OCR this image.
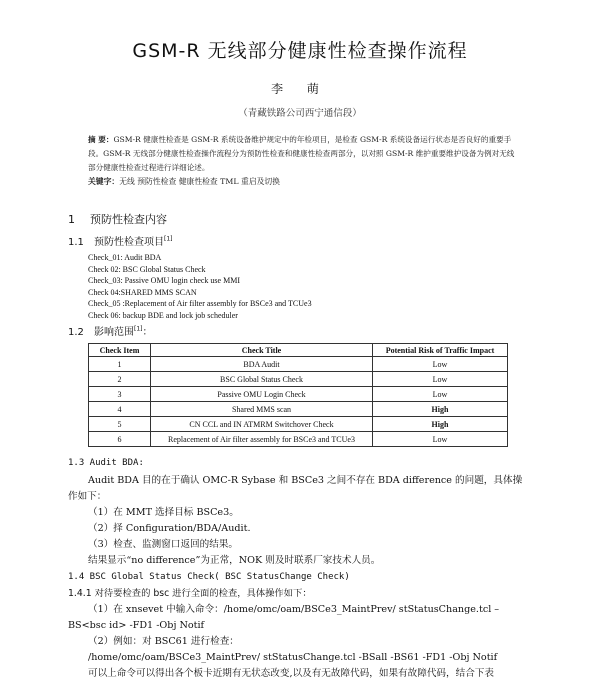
GSM-R 无线部分健康性检查操作流程
李 萌
（青藏铁路公司西宁通信段）
摘 要：GSM-R 健康性检查是 GSM-R 系统设备维护规定中的年检项目，是检查 GSM-R 系统设备运行状态是否良好的重要手段。GSM-R 无线部分健康性检查操作流程分为预防性检查和健康性检查两部分，以对照 GSM-R 维护重要维护设备为例对无线部分健康性检查过程进行详细论述。
关键字：无线 预防性检查 健康性检查 TML 重启及切换
1 预防性检查内容
1.1 预防性检查项目[1]
Check_01: Audit BDA
Check 02: BSC Global Status Check
Check_03: Passive OMU login check use MMI
Check 04:SHARED MMS SCAN
Check_05 :Replacement of Air filter assembly for BSCe3 and TCUe3
Check 06: backup BDE and lock job scheduler
1.2 影响范围[1]：
Check Item	Check Title	Potential Risk of Traffic Impact
1	BDA Audit	Low
2	BSC Global Status Check	Low
3	Passive OMU Login Check	Low
4	Shared MMS scan	High
5	CN CCL and IN ATMRM Switchover Check	High
6	Replacement of Air filter assembly for BSCe3 and TCUe3	Low
1.3 Audit BDA:
Audit BDA 目的在于确认 OMC-R Sybase 和 BSCe3 之间不存在 BDA difference 的问题，具体操作如下：
（1）在 MMT 选择目标 BSCe3。
（2）择 Configuration/BDA/Audit.
（3）检查、监测窗口返回的结果。
结果显示“no difference”为正常，NOK 则及时联系厂家技术人员。
1.4 BSC Global Status Check( BSC StatusChange Check)
1.4.1 对待要检查的 bsc 进行全面的检查，具体操作如下：
（1）在 xnsevet 中输入命令：/home/omc/oam/BSCe3_MaintPrev/ stStatusChange.tcl –BS<bsc id> -FD1 -Obj Notif
（2）例如：对 BSC61 进行检查：
/home/omc/oam/BSCe3_MaintPrev/ stStatusChange.tcl -BSall -BS61 -FD1 -Obj Notif
可以上命令可以得出各个板卡近期有无状态改变,以及有无故障代码，如果有故障代码，结合下表
